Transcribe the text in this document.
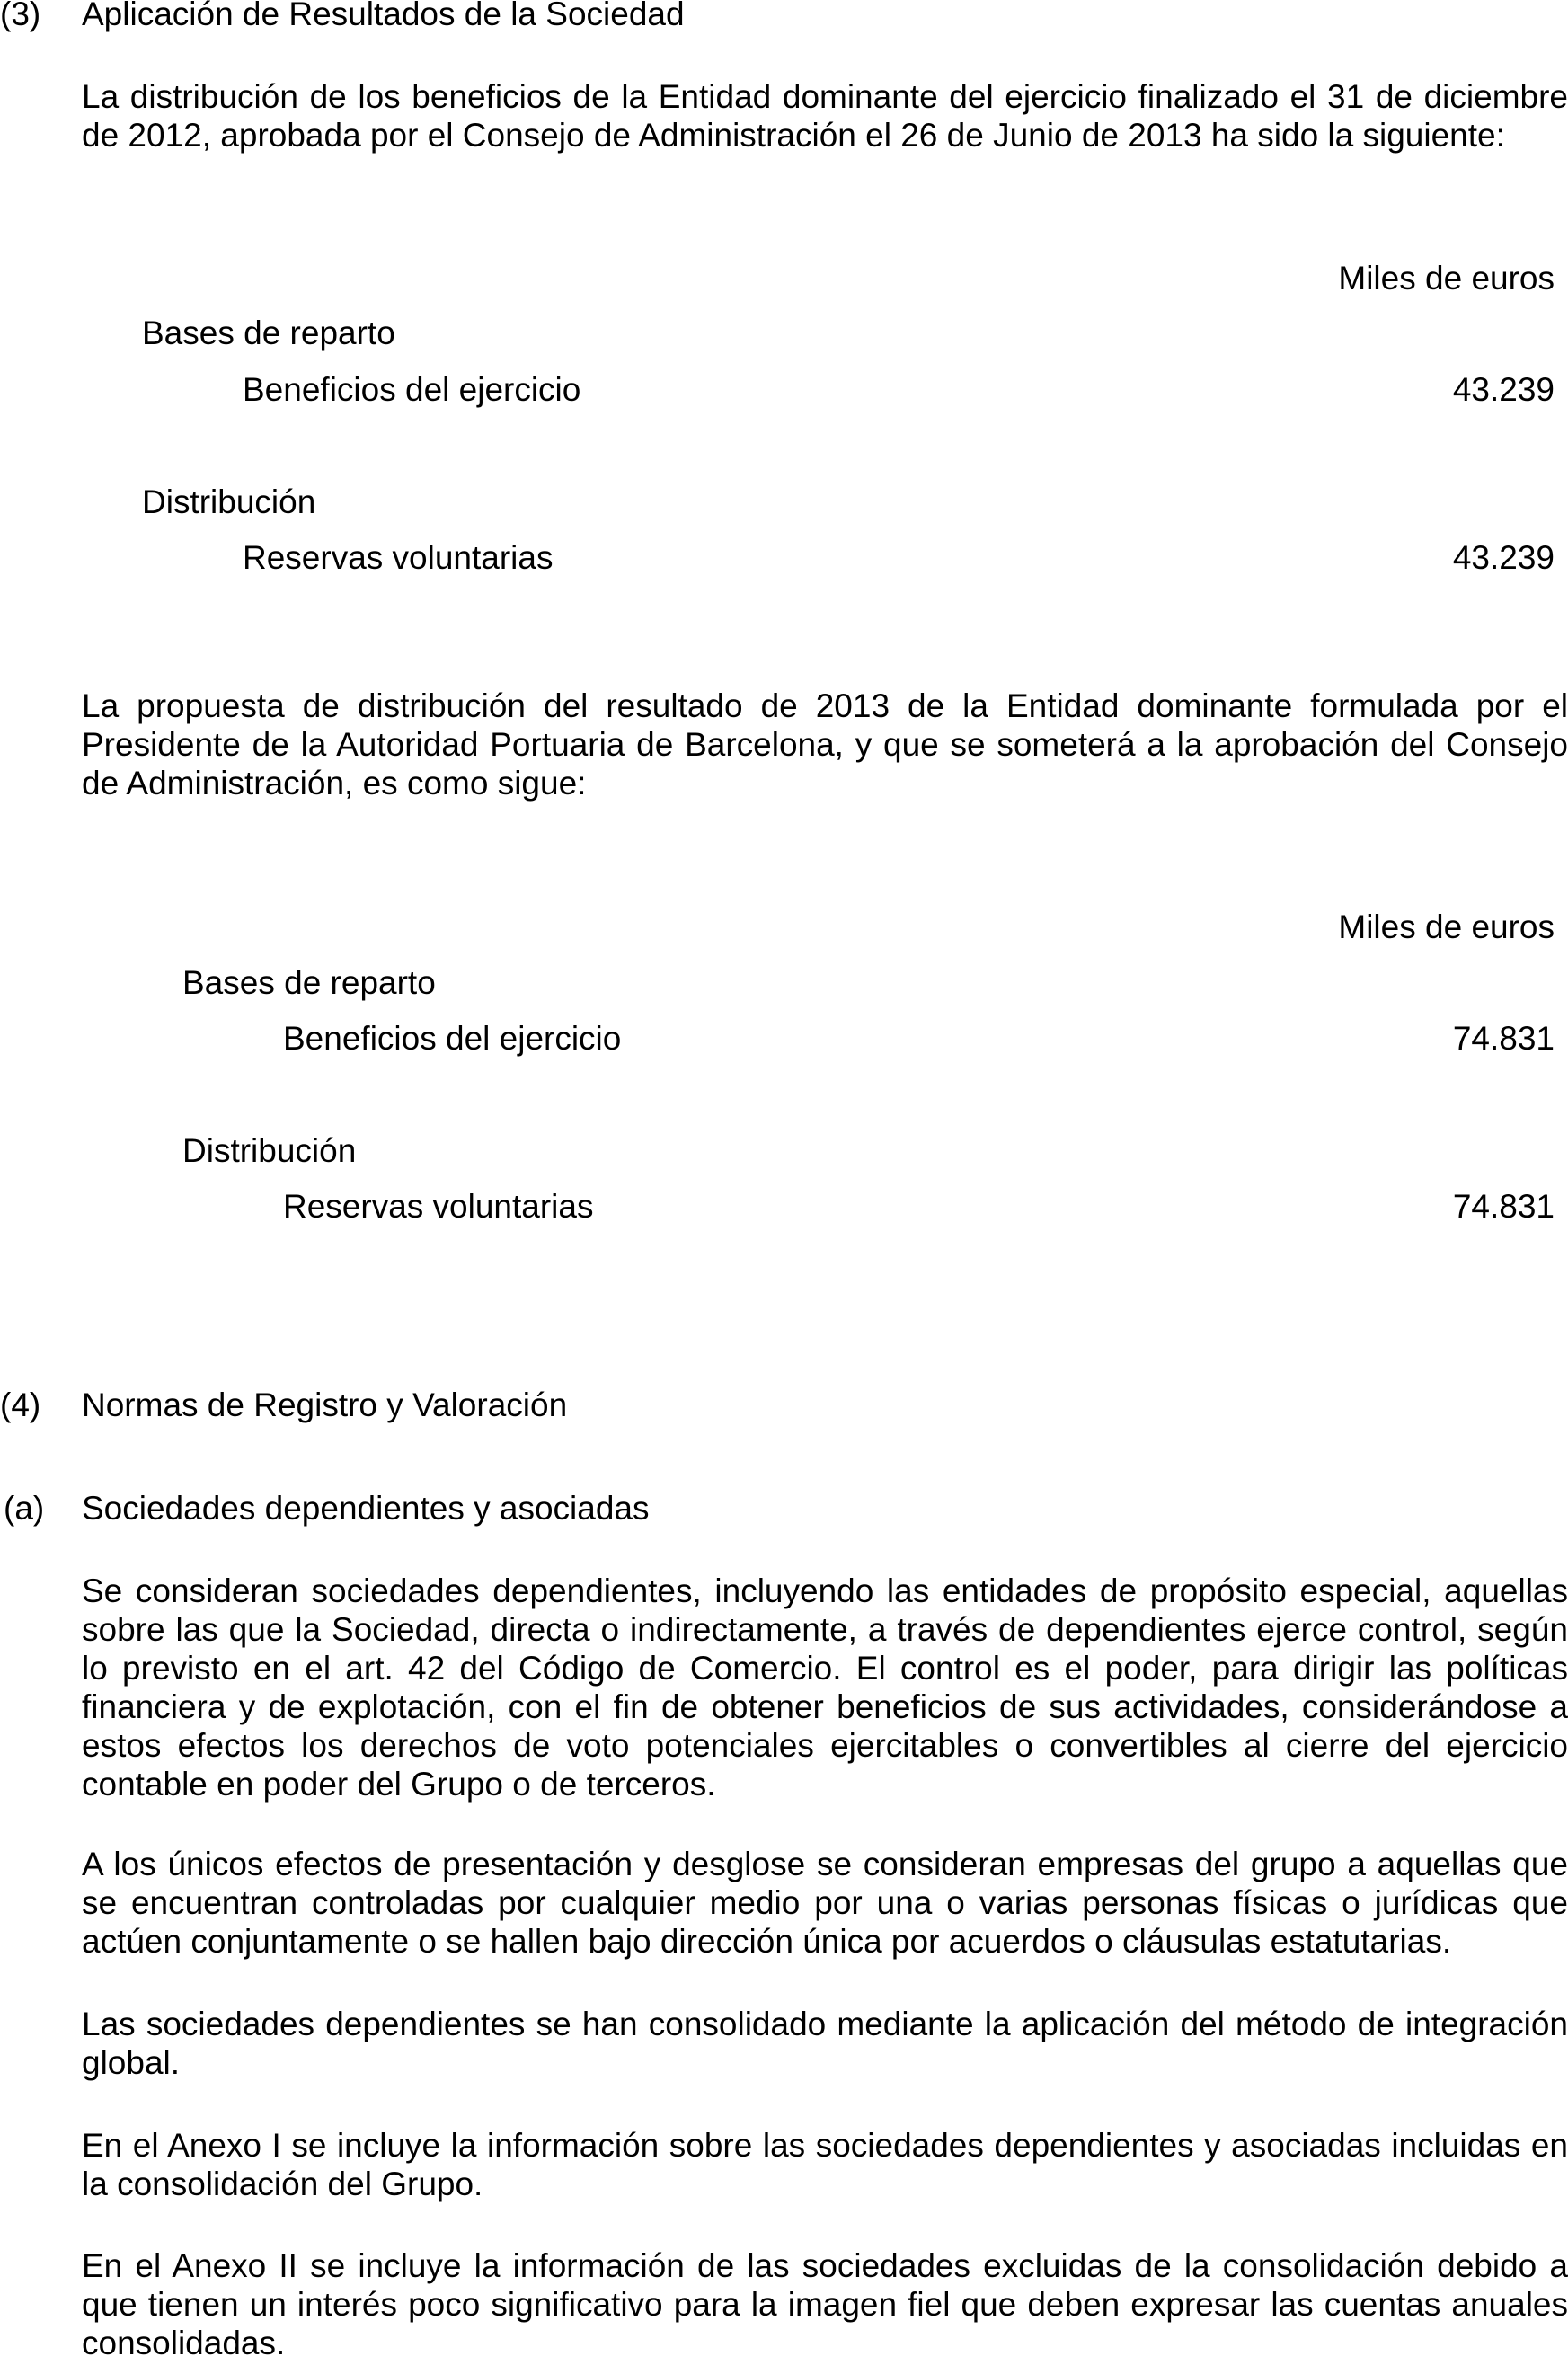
(3) Aplicación de Resultados de la Sociedad

La distribución de los beneficios de la Entidad dominante del ejercicio finalizado el 31 de diciembre de 2012, aprobada por el Consejo de Administración el 26 de Junio de 2013 ha sido la siguiente:

Miles de euros
Bases de reparto
Beneficios del ejercicio	43.239
Distribución
Reservas voluntarias	43.239

La propuesta de distribución del resultado de 2013 de la Entidad dominante formulada por el Presidente de la Autoridad Portuaria de Barcelona, y que se someterá a la aprobación del Consejo de Administración, es como sigue:

Miles de euros
Bases de reparto
Beneficios del ejercicio	74.831
Distribución
Reservas voluntarias	74.831
(4) Normas de Registro y Valoración
(a) Sociedades dependientes y asociadas

Se consideran sociedades dependientes, incluyendo las entidades de propósito especial, aquellas sobre las que la Sociedad, directa o indirectamente, a través de dependientes ejerce control, según lo previsto en el art. 42 del Código de Comercio. El control es el poder, para dirigir las políticas financiera y de explotación, con el fin de obtener beneficios de sus actividades, considerándose a estos efectos los derechos de voto potenciales ejercitables o convertibles al cierre del ejercicio contable en poder del Grupo o de terceros.

A los únicos efectos de presentación y desglose se consideran empresas del grupo a aquellas que se encuentran controladas por cualquier medio por una o varias personas físicas o jurídicas que actúen conjuntamente o se hallen bajo dirección única por acuerdos o cláusulas estatutarias.

Las sociedades dependientes se han consolidado mediante la aplicación del método de integración global.

En el Anexo I se incluye la información sobre las sociedades dependientes y asociadas incluidas en la consolidación del Grupo.

En el Anexo II se incluye la información de las sociedades excluidas de la consolidación debido a que tienen un interés poco significativo para la imagen fiel que deben expresar las cuentas anuales consolidadas.
